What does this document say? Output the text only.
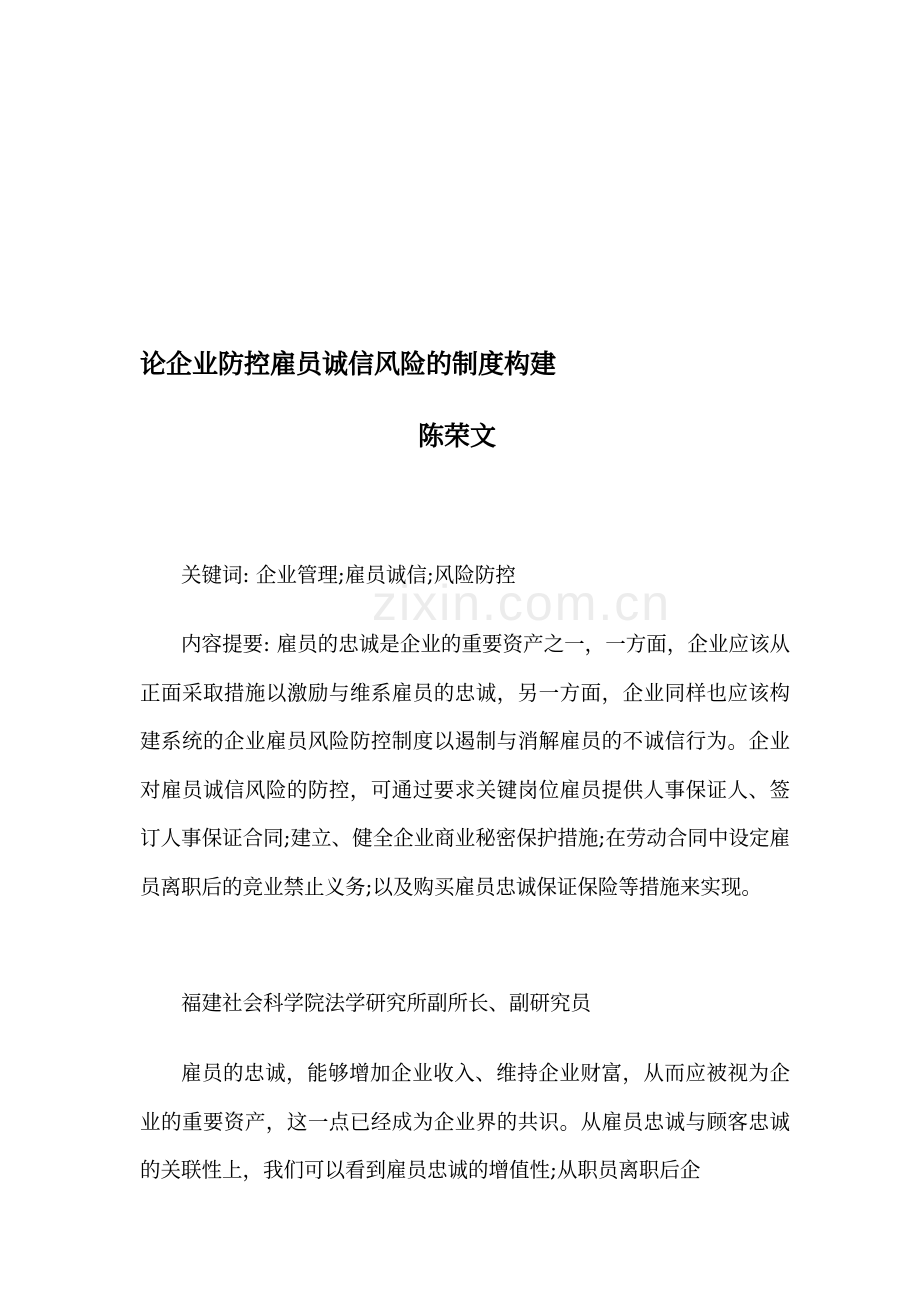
zixin.com.cn
论企业防控雇员诚信风险的制度构建
陈荣文

关键词: 企业管理;雇员诚信;风险防控

内容提要: 雇员的忠诚是企业的重要资产之一，一方面，企业应该从正面采取措施以激励与维系雇员的忠诚，另一方面，企业同样也应该构建系统的企业雇员风险防控制度以遏制与消解雇员的不诚信行为。企业对雇员诚信风险的防控，可通过要求关键岗位雇员提供人事保证人、签订人事保证合同;建立、健全企业商业秘密保护措施;在劳动合同中设定雇员离职后的竞业禁止义务;以及购买雇员忠诚保证保险等措施来实现。

福建社会科学院法学研究所副所长、副研究员

雇员的忠诚，能够增加企业收入、维持企业财富，从而应被视为企业的重要资产，这一点已经成为企业界的共识。从雇员忠诚与顾客忠诚的关联性上，我们可以看到雇员忠诚的增值性;从职员离职后企
